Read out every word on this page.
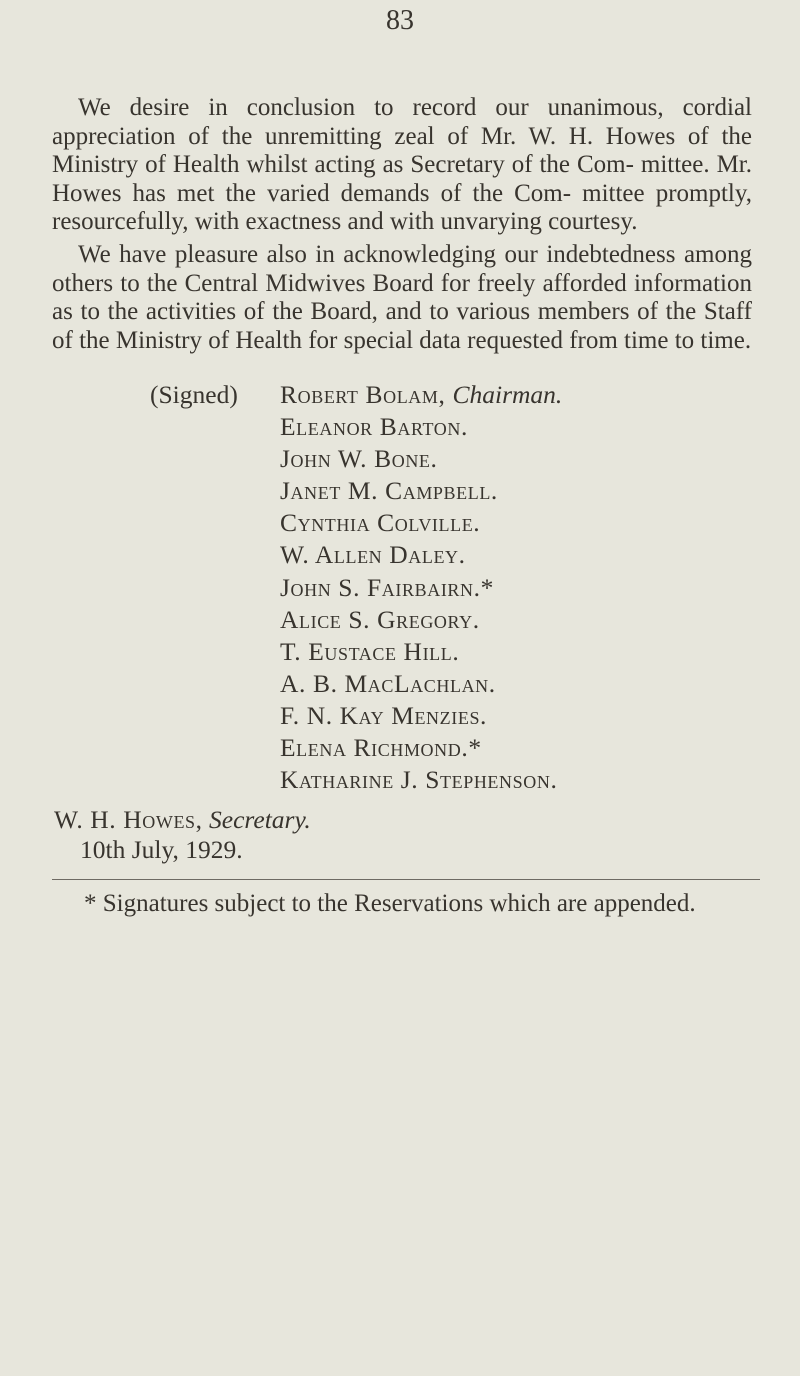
83

We desire in conclusion to record our unanimous, cordial appreciation of the unremitting zeal of Mr. W. H. Howes of the Ministry of Health whilst acting as Secretary of the Com- mittee. Mr. Howes has met the varied demands of the Com- mittee promptly, resourcefully, with exactness and with unvarying courtesy.

We have pleasure also in acknowledging our indebtedness among others to the Central Midwives Board for freely afforded information as to the activities of the Board, and to various members of the Staff of the Ministry of Health for special data requested from time to time.

(Signed) Robert Bolam, Chairman.
Eleanor Barton.
John W. Bone.
Janet M. Campbell.
Cynthia Colville.
W. Allen Daley.
John S. Fairbairn.*
Alice S. Gregory.
T. Eustace Hill.
A. B. MacLachlan.
F. N. Kay Menzies.
Elena Richmond.*
Katharine J. Stephenson.
W. H. Howes, Secretary.
10th July, 1929.
* Signatures subject to the Reservations which are appended.
